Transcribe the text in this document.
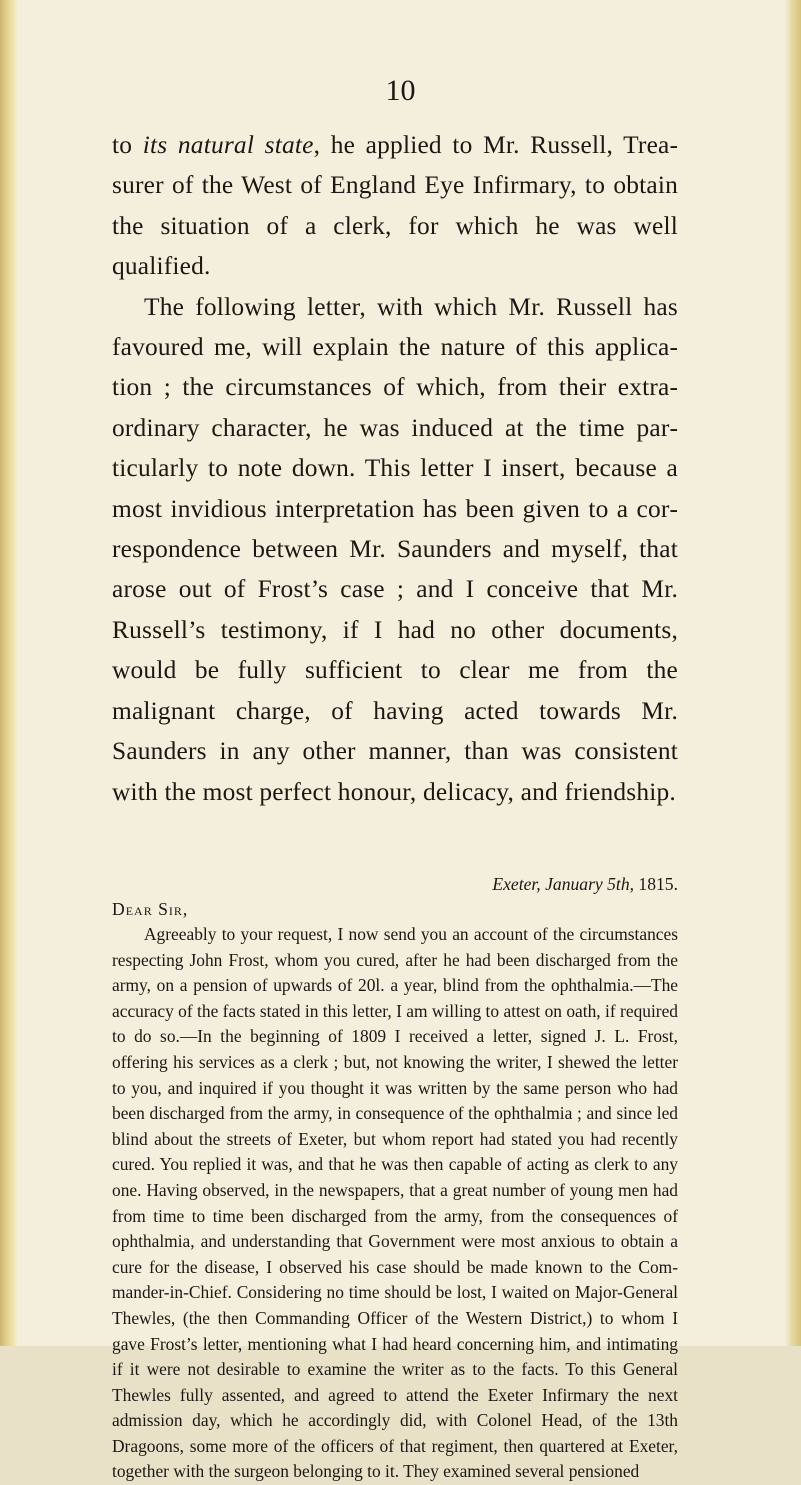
10

to its natural state, he applied to Mr. Russell, Treasurer of the West of England Eye Infirmary, to obtain the situation of a clerk, for which he was well qualified.

The following letter, with which Mr. Russell has favoured me, will explain the nature of this application ; the circumstances of which, from their extraordinary character, he was induced at the time particularly to note down. This letter I insert, because a most invidious interpretation has been given to a correspondence between Mr. Saunders and myself, that arose out of Frost’s case ; and I conceive that Mr. Russell’s testimony, if I had no other documents, would be fully sufficient to clear me from the malignant charge, of having acted towards Mr. Saunders in any other manner, than was consistent with the most perfect honour, delicacy, and friendship.

Exeter, January 5th, 1815.
Dear Sir,

Agreeably to your request, I now send you an account of the circumstances respecting John Frost, whom you cured, after he had been discharged from the army, on a pension of upwards of 20l. a year, blind from the ophthalmia.—The accuracy of the facts stated in this letter, I am willing to attest on oath, if required to do so.—In the beginning of 1809 I received a letter, signed J. L. Frost, offering his services as a clerk ; but, not knowing the writer, I shewed the letter to you, and inquired if you thought it was written by the same person who had been discharged from the army, in consequence of the ophthalmia ; and since led blind about the streets of Exeter, but whom report had stated you had recently cured. You replied it was, and that he was then capable of acting as clerk to any one. Having observed, in the newspapers, that a great number of young men had from time to time been discharged from the army, from the consequences of ophthalmia, and understanding that Government were most anxious to obtain a cure for the disease, I observed his case should be made known to the Commander-in-Chief. Considering no time should be lost, I waited on Major-General Thewles, (the then Commanding Officer of the Western District,) to whom I gave Frost’s letter, mentioning what I had heard concerning him, and intimating if it were not desirable to examine the writer as to the facts. To this General Thewles fully assented, and agreed to attend the Exeter Infirmary the next admission day, which he accordingly did, with Colonel Head, of the 13th Dragoons, some more of the officers of that regiment, then quartered at Exeter, together with the surgeon belonging to it. They examined several pensioned
